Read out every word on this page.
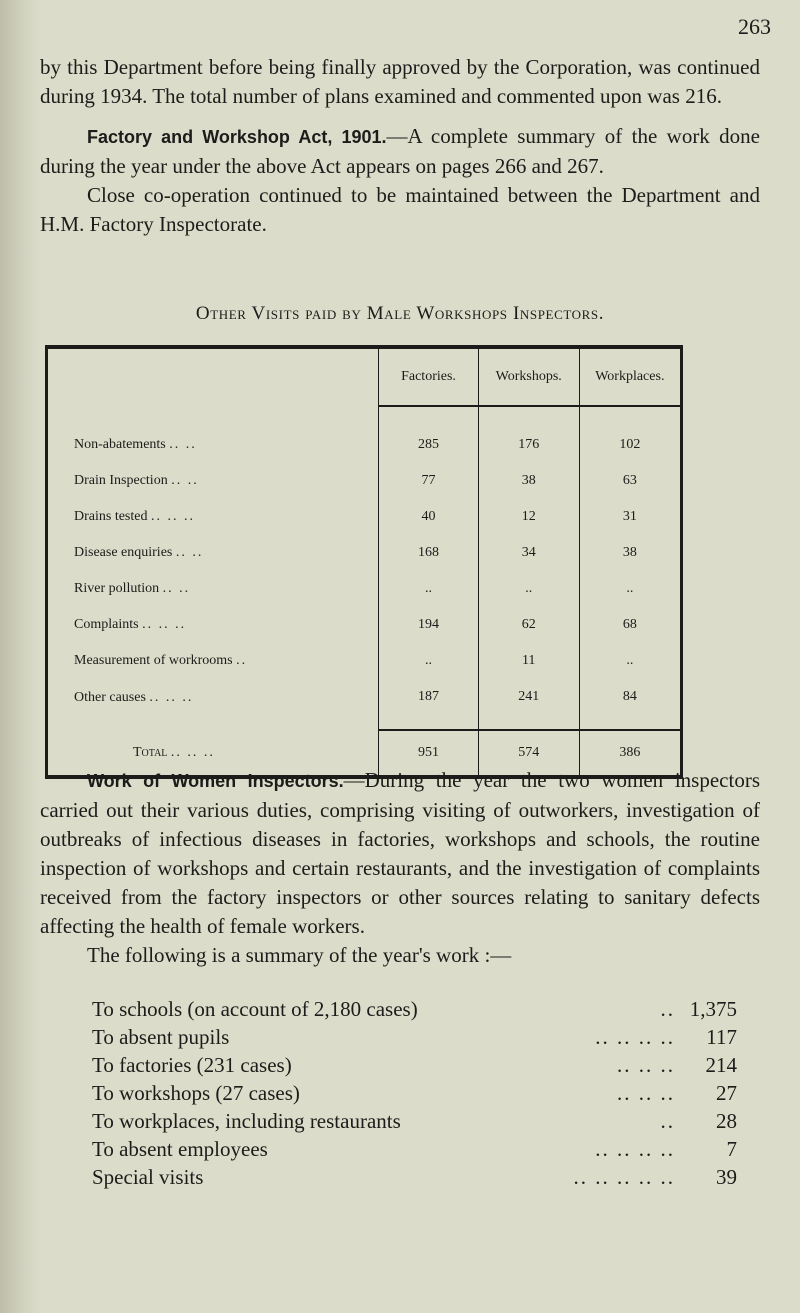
263

by this Department before being finally approved by the Corporation, was continued during 1934. The total number of plans examined and commented upon was 216.

Factory and Workshop Act, 1901.—A complete summary of the work done during the year under the above Act appears on pages 266 and 267.

Close co-operation continued to be maintained between the Department and H.M. Factory Inspectorate.

Other Visits paid by Male Workshops Inspectors.
	Factories.	Workshops.	Workplaces.
Non-abatements .. ..	285	176	102
Drain Inspection .. ..	77	38	63
Drains tested .. .. ..	40	12	31
Disease enquiries .. ..	168	34	38
River pollution .. ..	..	..	..
Complaints .. .. ..	194	62	68
Measurement of workrooms ..	..	11	..
Other causes .. .. ..	187	241	84
Total .. .. ..	951	574	386

Work of Women Inspectors.—During the year the two women inspectors carried out their various duties, comprising visiting of outworkers, investigation of outbreaks of infectious diseases in factories, workshops and schools, the routine inspection of workshops and certain restaurants, and the investigation of complaints received from the factory inspectors or other sources relating to sanitary defects affecting the health of female workers.

The following is a summary of the year's work :—

To schools (on account of 2,180 cases)	.. 1,375
To absent pupils	.. .. .. .. 117
To factories (231 cases)	.. .. .. 214
To workshops (27 cases)	.. .. .. 27
To workplaces, including restaurants	.. 28
To absent employees	.. .. .. .. 7
Special visits	.. .. .. .. .. 39
